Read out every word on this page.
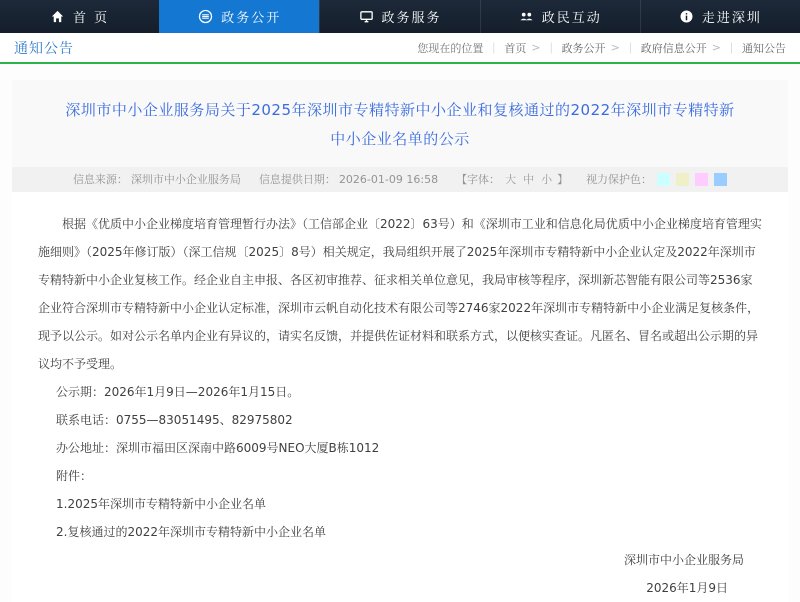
首 页	政务公开	政务服务	政民互动	走进深圳
通知公告	您现在的位置 ｜ 首页 > ｜ 政务公开 > ｜ 政府信息公开 > ｜ 通知公告
深圳市中小企业服务局关于2025年深圳市专精特新中小企业和复核通过的2022年深圳市专精特新中小企业名单的公示
信息来源： 深圳市中小企业服务局 信息提供日期： 2026-01-09 16:58 【字体： 大 中 小 】 视力保护色：

根据《优质中小企业梯度培育管理暂行办法》（工信部企业〔2022〕63号）和《深圳市工业和信息化局优质中小企业梯度培育管理实施细则》（2025年修订版）（深工信规〔2025〕8号）相关规定，我局组织开展了2025年深圳市专精特新中小企业认定及2022年深圳市专精特新中小企业复核工作。经企业自主申报、各区初审推荐、征求相关单位意见，我局审核等程序，深圳新芯智能有限公司等2536家企业符合深圳市专精特新中小企业认定标准，深圳市云帆自动化技术有限公司等2746家2022年深圳市专精特新中小企业满足复核条件，现予以公示。如对公示名单内企业有异议的，请实名反馈，并提供佐证材料和联系方式，以便核实查证。凡匿名、冒名或超出公示期的异议均不予受理。

公示期：2026年1月9日—2026年1月15日。

联系电话：0755—83051495、82975802

办公地址：深圳市福田区深南中路6009号NEO大厦B栋1012

附件：

1.2025年深圳市专精特新中小企业名单

2.复核通过的2022年深圳市专精特新中小企业名单

深圳市中小企业服务局

2026年1月9日
